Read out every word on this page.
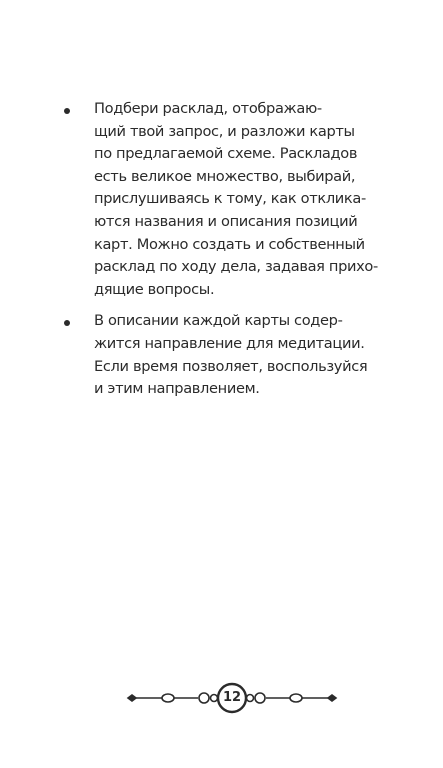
Подбери расклад, отображаю-
щий твой запрос, и разложи карты
по предлагаемой схеме. Раскладов
есть великое множество, выбирай,
прислушиваясь к тому, как отклика-
ются названия и описания позиций
карт. Можно создать и собственный
расклад по ходу дела, задавая прихо-
дящие вопросы.
В описании каждой карты содер-
жится направление для медитации.
Если время позволяет, воспользуйся
и этим направлением.
12
